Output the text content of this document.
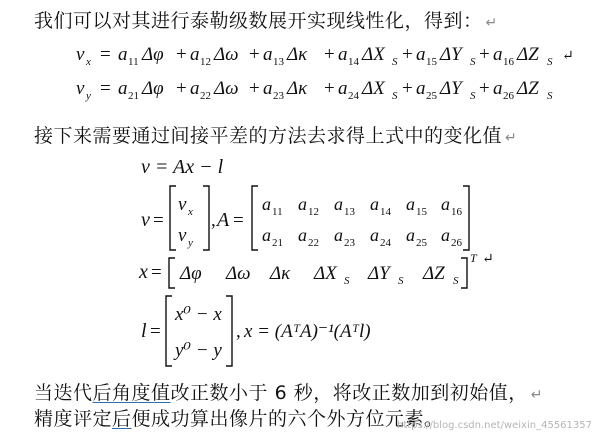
我们可以对其进行泰勒级数展开实现线性化，得到： ↵
接下来需要通过间接平差的方法去求得上式中的变化值 ↵
当迭代后角度值改正数小于 6 秒，将改正数加到初始值， ↵
精度评定后便成功算出像片的六个外方位元素。
https://blog.csdn.net/weixin_45561357
v x = a 11 Δφ + a 12 Δω + a 13 Δκ + a 14 ΔX S + a 15 ΔY S + a 16 ΔZ S
v y = a 21 Δφ + a 22 Δω + a 23 Δκ + a 24 ΔX S + a 25 ΔY S + a 26 ΔZ S
↵
v = Ax − l
v =
v x
v y
, A =
a 11 a 12 a 13 a 14 a 15 a 16
a 21 a 22 a 23 a 24 a 25 a 26
x = Δφ Δω Δκ ΔX S ΔY S ΔZ S
T ↵
l =
x⁰ − x
y⁰ − y
, x = (AᵀA)⁻¹(Aᵀl)
